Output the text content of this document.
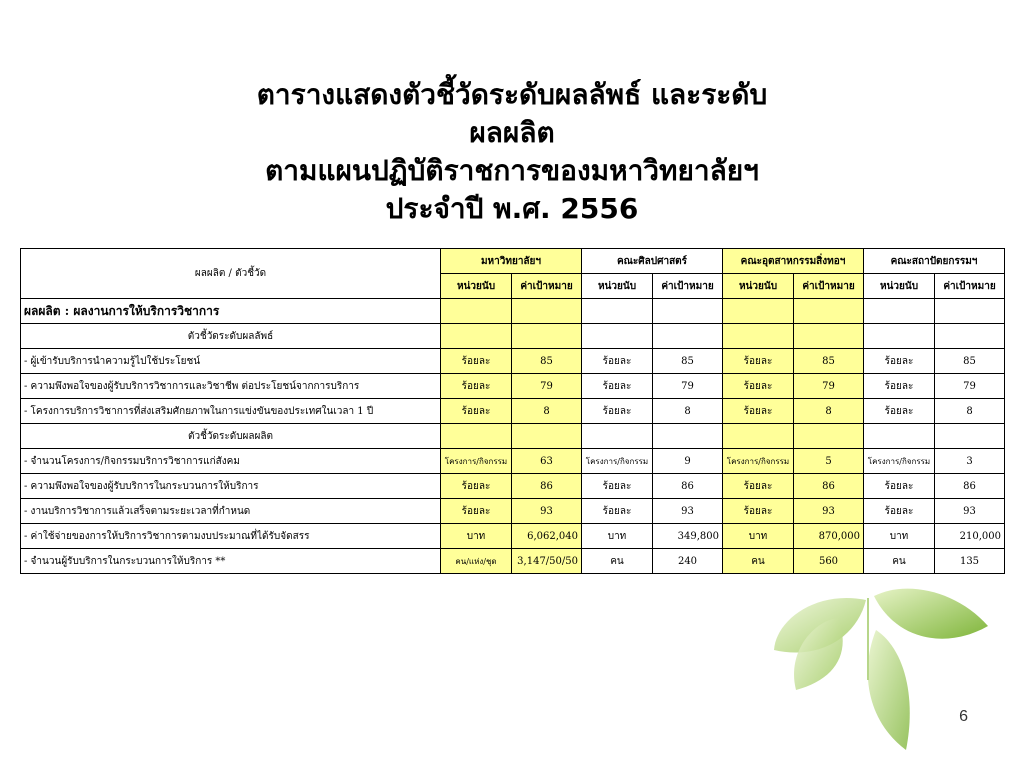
ตารางแสดงตัวชี้วัดระดับผลลัพธ์ และระดับ
ผลผลิต
ตามแผนปฏิบัติราชการของมหาวิทยาลัยฯ
ประจำปี พ.ศ. 2556
ผลผลิต / ตัวชี้วัด	มหาวิทยาลัยฯ		คณะศิลปศาสตร์		คณะอุตสาหกรรมสิ่งทอฯ		คณะสถาปัตยกรรมฯ	
	หน่วยนับ	ค่าเป้าหมาย	หน่วยนับ	ค่าเป้าหมาย	หน่วยนับ	ค่าเป้าหมาย	หน่วยนับ	ค่าเป้าหมาย
ผลผลิต : ผลงานการให้บริการวิชาการ								
ตัวชี้วัดระดับผลลัพธ์								
- ผู้เข้ารับบริการนำความรู้ไปใช้ประโยชน์	ร้อยละ	85	ร้อยละ	85	ร้อยละ	85	ร้อยละ	85
- ความพึงพอใจของผู้รับบริการวิชาการและวิชาชีพ ต่อประโยชน์จากการบริการ	ร้อยละ	79	ร้อยละ	79	ร้อยละ	79	ร้อยละ	79
- โครงการบริการวิชาการที่ส่งเสริมศักยภาพในการแข่งขันของประเทศในเวลา 1 ปี	ร้อยละ	8	ร้อยละ	8	ร้อยละ	8	ร้อยละ	8
ตัวชี้วัดระดับผลผลิต								
- จำนวนโครงการ/กิจกรรมบริการวิชาการแก่สังคม	โครงการ/กิจกรรม	63	โครงการ/กิจกรรม	9	โครงการ/กิจกรรม	5	โครงการ/กิจกรรม	3
- ความพึงพอใจของผู้รับบริการในกระบวนการให้บริการ	ร้อยละ	86	ร้อยละ	86	ร้อยละ	86	ร้อยละ	86
- งานบริการวิชาการแล้วเสร็จตามระยะเวลาที่กำหนด	ร้อยละ	93	ร้อยละ	93	ร้อยละ	93	ร้อยละ	93
- ค่าใช้จ่ายของการให้บริการวิชาการตามงบประมาณที่ได้รับจัดสรร	บาท	6,062,040	บาท	349,800	บาท	870,000	บาท	210,000
- จำนวนผู้รับบริการในกระบวนการให้บริการ **	คน/แห่ง/ชุด	3,147/50/50	คน	240	คน	560	คน	135
6
